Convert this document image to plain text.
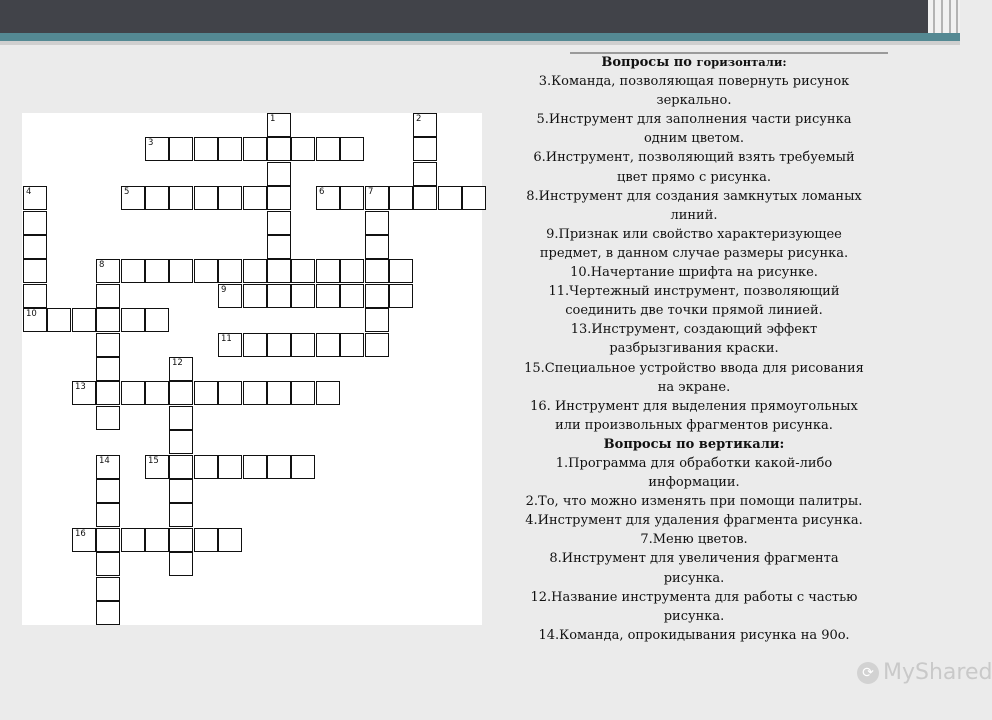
1	2
3
4	5	6	7
8
9
10
11
12
13
14	15
16
Вопросы по горизонтали:
3.Команда, позволяющая повернуть рисунок
зеркально.
5.Инструмент для заполнения части рисунка
одним цветом.
6.Инструмент, позволяющий взять требуемый
цвет прямо с рисунка.
8.Инструмент для создания замкнутых ломаных
линий.
9.Признак или свойство характеризующее
предмет, в данном случае размеры рисунка.
10.Начертание шрифта на рисунке.
11.Чертежный инструмент, позволяющий
соединить две точки прямой линией.
13.Инструмент, создающий эффект
разбрызгивания краски.
15.Специальное устройство ввода для рисования
на экране.
16. Инструмент для выделения прямоугольных
или произвольных фрагментов рисунка.
Вопросы по вертикали:
1.Программа для обработки какой-либо
информации.
2.То, что можно изменять при помощи палитры.
4.Инструмент для удаления фрагмента рисунка.
7.Меню цветов.
8.Инструмент для увеличения фрагмента
рисунка.
12.Название инструмента для работы с частью
рисунка.
14.Команда, опрокидывания рисунка на 90o.
⟳ MyShared
